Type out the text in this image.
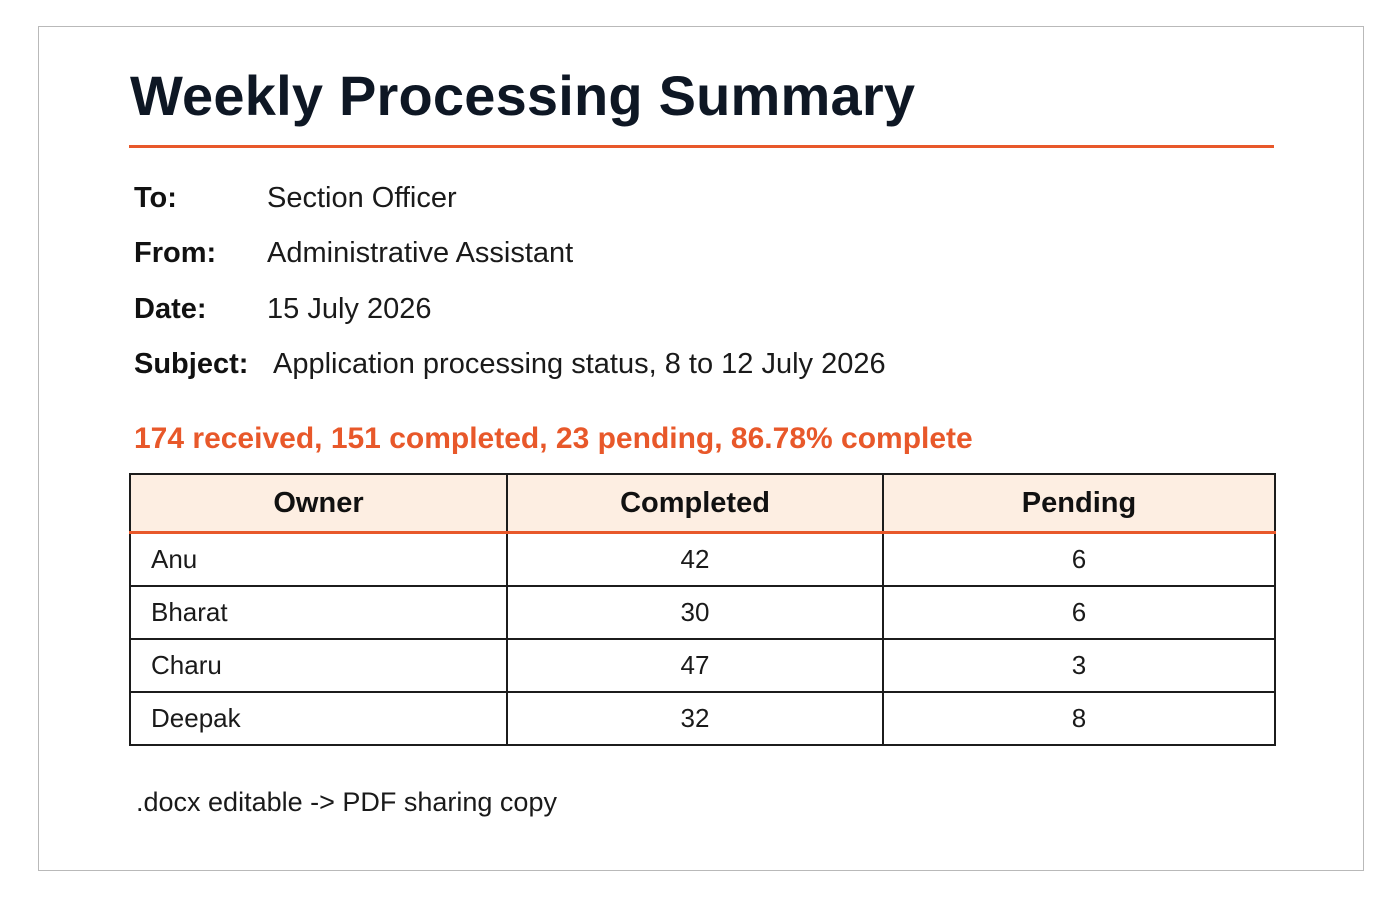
Weekly Processing Summary
To:	Section Officer
From: Administrative Assistant
Date: 15 July 2026
Subject: Application processing status, 8 to 12 July 2026
174 received, 151 completed, 23 pending, 86.78% complete
Owner	Completed	Pending
Anu	42	6
Bharat	30	6
Charu	47	3
Deepak	32	8
.docx editable -> PDF sharing copy
